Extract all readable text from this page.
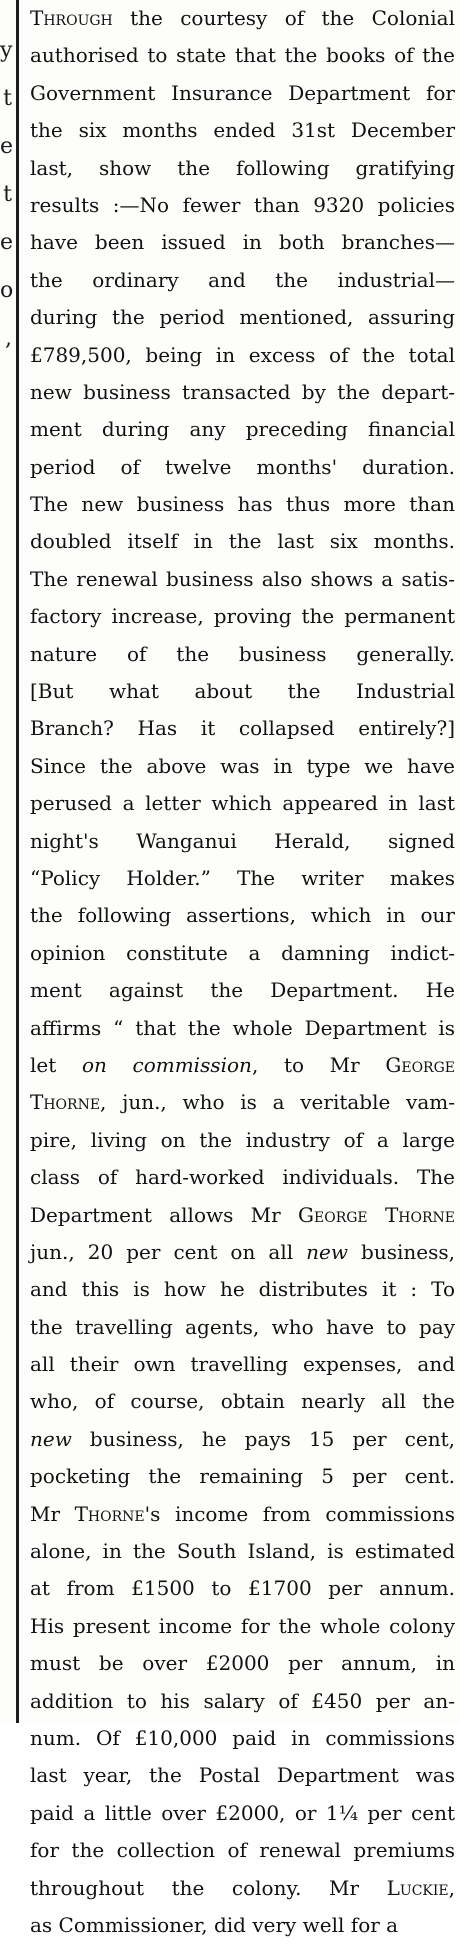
y
t
e
t
e
o
,
Through the courtesy of the Colonial
authorised to state that the books of the
Government Insurance Department for
the six months ended 31st December
last, show the following gratifying
results :—No fewer than 9320 policies
have been issued in both branches—
the ordinary and the industrial—
during the period mentioned, assuring
£789,500, being in excess of the total
new business transacted by the depart-
ment during any preceding financial
period of twelve months' duration.
The new business has thus more than
doubled itself in the last six months.
The renewal business also shows a satis-
factory increase, proving the permanent
nature of the business generally.
[But what about the Industrial
Branch? Has it collapsed entirely?]
Since the above was in type we have
perused a letter which appeared in last
night's Wanganui Herald, signed
“Policy Holder.” The writer makes
the following assertions, which in our
opinion constitute a damning indict-
ment against the Department. He
affirms “ that the whole Department is
let on commission, to Mr George
Thorne, jun., who is a veritable vam-
pire, living on the industry of a large
class of hard-worked individuals. The
Department allows Mr George Thorne
jun., 20 per cent on all new business,
and this is how he distributes it : To
the travelling agents, who have to pay
all their own travelling expenses, and
who, of course, obtain nearly all the
new business, he pays 15 per cent,
pocketing the remaining 5 per cent.
Mr Thorne's income from commissions
alone, in the South Island, is estimated
at from £1500 to £1700 per annum.
His present income for the whole colony
must be over £2000 per annum, in
addition to his salary of £450 per an-
num. Of £10,000 paid in commissions
last year, the Postal Department was
paid a little over £2000, or 1¼ per cent
for the collection of renewal premiums
throughout the colony. Mr Luckie,
as Commissioner, did very well for a
